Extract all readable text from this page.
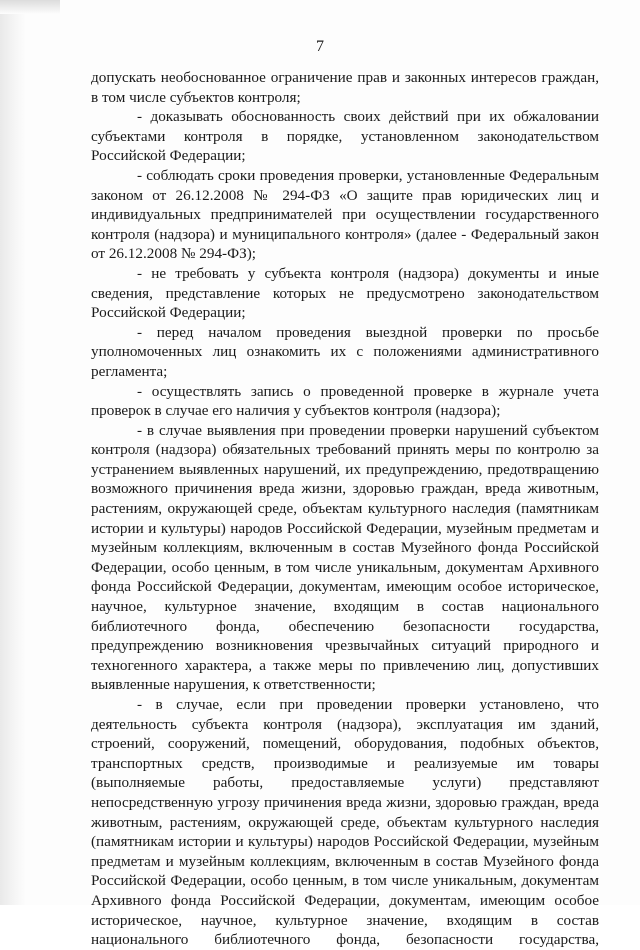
7
допускать необоснованное ограничение прав и законных интересов граждан,
в том числе субъектов контроля;
- доказывать обоснованность своих действий при их обжаловании
субъектами контроля в порядке, установленном законодательством
Российской Федерации;
- соблюдать сроки проведения проверки, установленные Федеральным
законом от 26.12.2008 № 294-ФЗ «О защите прав юридических лиц и
индивидуальных предпринимателей при осуществлении государственного
контроля (надзора) и муниципального контроля» (далее - Федеральный закон
от 26.12.2008 № 294-ФЗ);
- не требовать у субъекта контроля (надзора) документы и иные
сведения, представление которых не предусмотрено законодательством
Российской Федерации;
- перед началом проведения выездной проверки по просьбе
уполномоченных лиц ознакомить их с положениями административного
регламента;
- осуществлять запись о проведенной проверке в журнале учета
проверок в случае его наличия у субъектов контроля (надзора);
- в случае выявления при проведении проверки нарушений субъектом
контроля (надзора) обязательных требований принять меры по контролю за
устранением выявленных нарушений, их предупреждению, предотвращению
возможного причинения вреда жизни, здоровью граждан, вреда животным,
растениям, окружающей среде, объектам культурного наследия (памятникам
истории и культуры) народов Российской Федерации, музейным предметам и
музейным коллекциям, включенным в состав Музейного фонда Российской
Федерации, особо ценным, в том числе уникальным, документам Архивного
фонда Российской Федерации, документам, имеющим особое историческое,
научное, культурное значение, входящим в состав национального
библиотечного фонда, обеспечению безопасности государства,
предупреждению возникновения чрезвычайных ситуаций природного и
техногенного характера, а также меры по привлечению лиц, допустивших
выявленные нарушения, к ответственности;
- в случае, если при проведении проверки установлено, что
деятельность субъекта контроля (надзора), эксплуатация им зданий,
строений, сооружений, помещений, оборудования, подобных объектов,
транспортных средств, производимые и реализуемые им товары
(выполняемые работы, предоставляемые услуги) представляют
непосредственную угрозу причинения вреда жизни, здоровью граждан, вреда
животным, растениям, окружающей среде, объектам культурного наследия
(памятникам истории и культуры) народов Российской Федерации, музейным
предметам и музейным коллекциям, включенным в состав Музейного фонда
Российской Федерации, особо ценным, в том числе уникальным, документам
Архивного фонда Российской Федерации, документам, имеющим особое
историческое, научное, культурное значение, входящим в состав
национального библиотечного фонда, безопасности государства,
